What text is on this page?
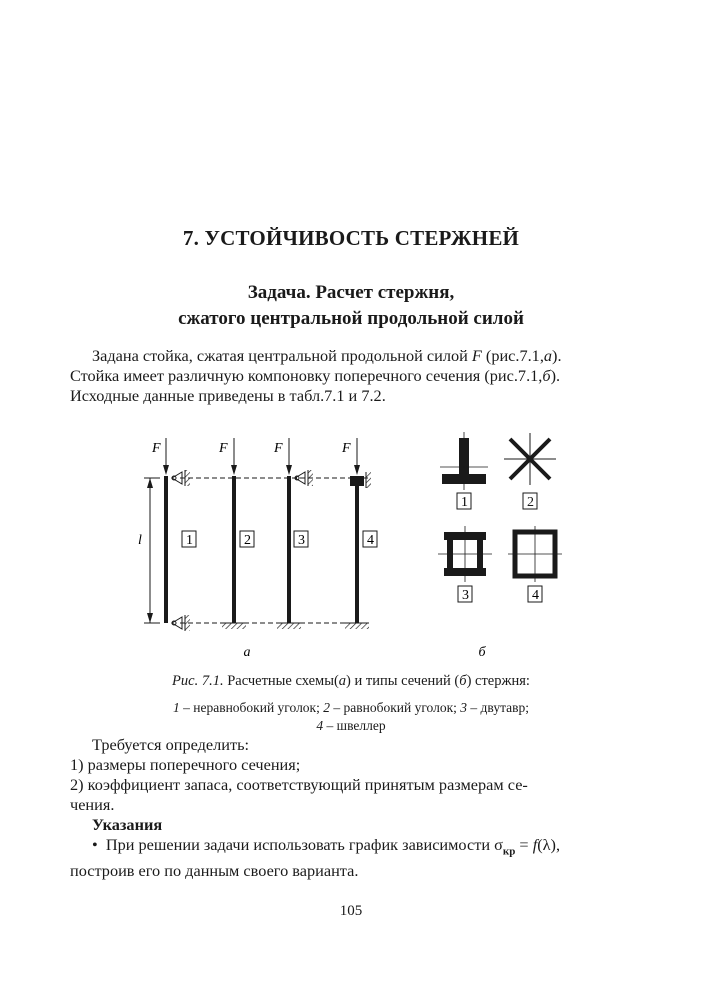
7. УСТОЙЧИВОСТЬ СТЕРЖНЕЙ
Задача. Расчет стержня,
сжатого центральной продольной силой
Задана стойка, сжатая центральной продольной силой F (рис.7.1,а).
Стойка имеет различную компоновку поперечного сечения (рис.7.1,б).
Исходные данные приведены в табл.7.1 и 7.2.
l
F
1
F
2
F
3
F
4
а
1	2
3	4
б
Рис. 7.1. Расчетные схемы(а) и типы сечений (б) стержня:
1 – неравнобокий уголок; 2 – равнобокий уголок; 3 – двутавр;
4 – швеллер
Требуется определить:
1) размеры поперечного сечения;
2) коэффициент запаса, соответствующий принятым размерам се-
чения.
Указания
• При решении задачи использовать график зависимости $\sigma_{кр} = f(\lambda)$,
построив его по данным своего варианта.
105
